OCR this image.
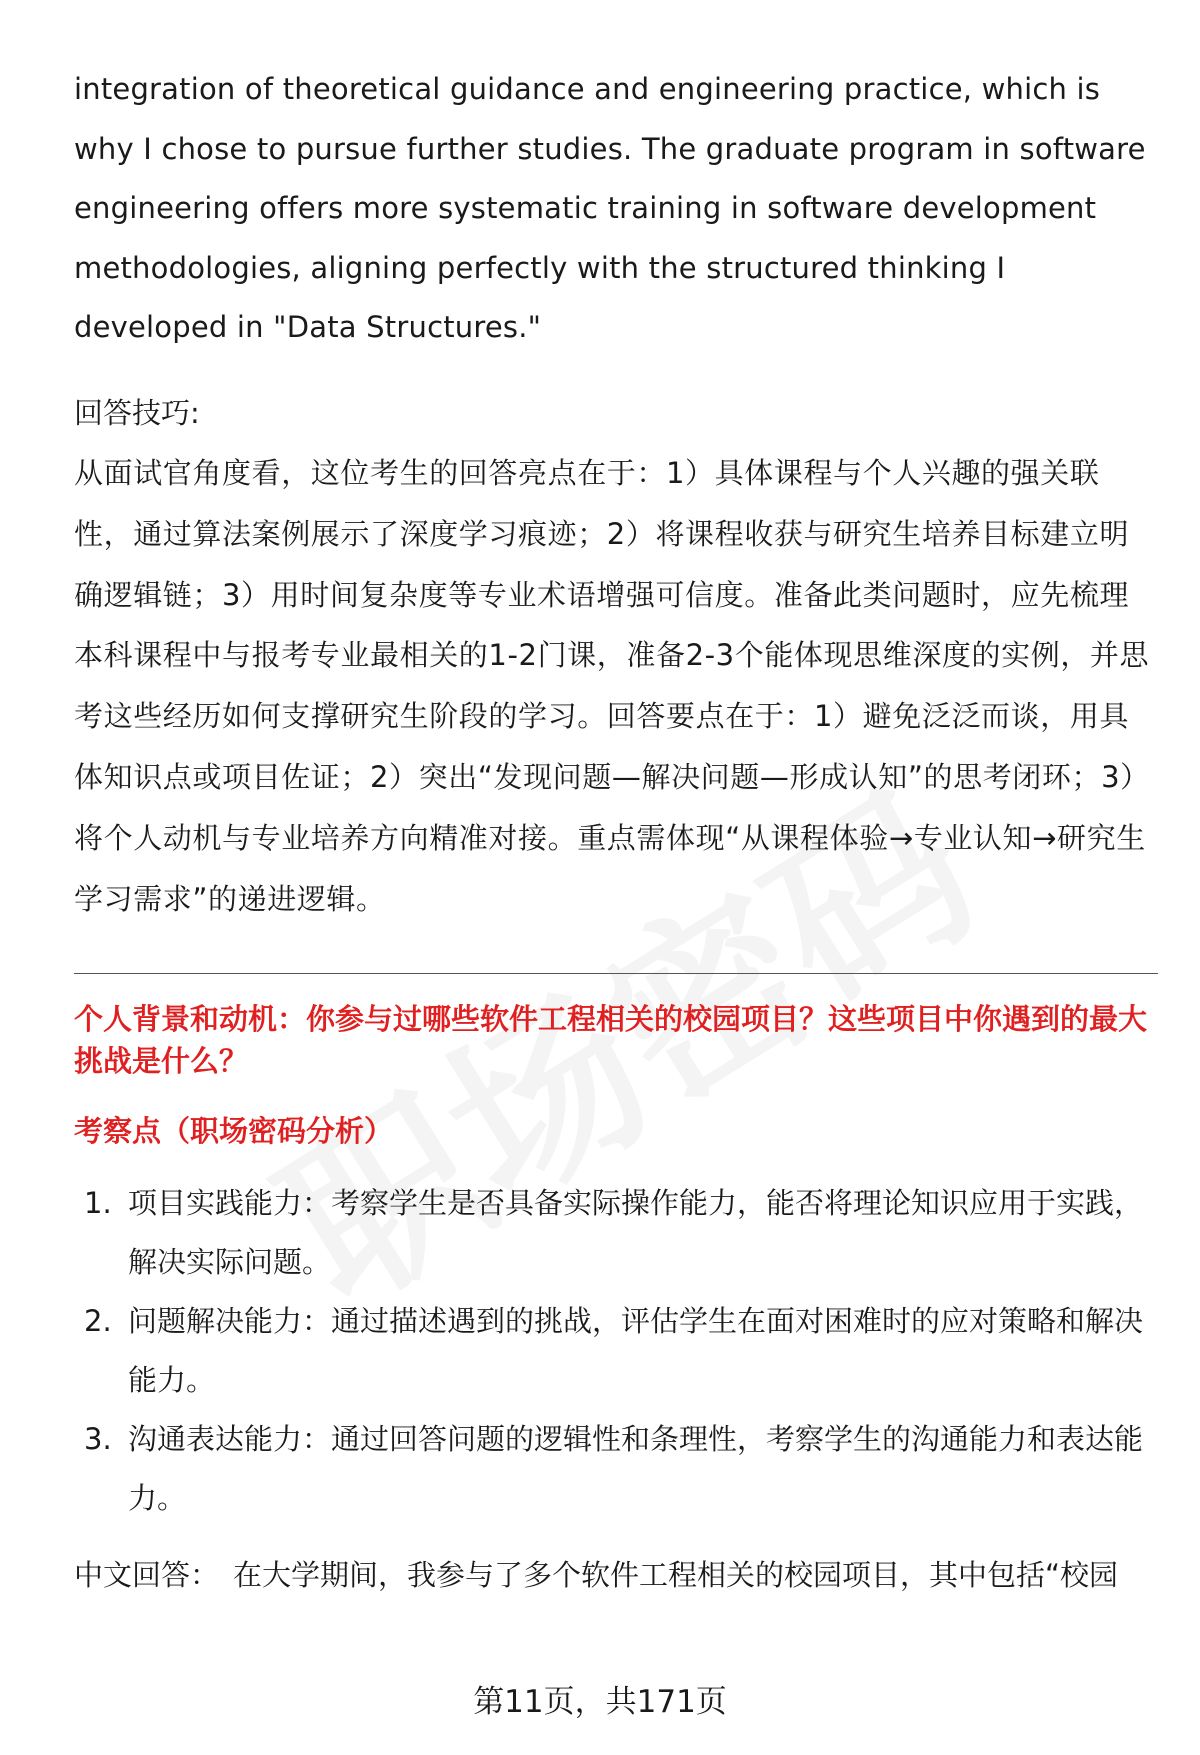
integration of theoretical guidance and engineering practice, which is why I chose to pursue further studies. The graduate program in software engineering offers more systematic training in software development methodologies, aligning perfectly with the structured thinking I developed in "Data Structures."

回答技巧:

从面试官角度看，这位考生的回答亮点在于：1）具体课程与个人兴趣的强关联性，通过算法案例展示了深度学习痕迹；2）将课程收获与研究生培养目标建立明确逻辑链；3）用时间复杂度等专业术语增强可信度。准备此类问题时，应先梳理本科课程中与报考专业最相关的1-2门课，准备2-3个能体现思维深度的实例，并思考这些经历如何支撑研究生阶段的学习。回答要点在于：1）避免泛泛而谈，用具体知识点或项目佐证；2）突出“发现问题—解决问题—形成认知”的思考闭环；3）将个人动机与专业培养方向精准对接。重点需体现“从课程体验→专业认知→研究生学习需求”的递进逻辑。

个人背景和动机：你参与过哪些软件工程相关的校园项目？这些项目中你遇到的最大挑战是什么？

考察点（职场密码分析）

1. 项目实践能力：考察学生是否具备实际操作能力，能否将理论知识应用于实践，解决实际问题。
2. 问题解决能力：通过描述遇到的挑战，评估学生在面对困难时的应对策略和解决能力。
3. 沟通表达能力：通过回答问题的逻辑性和条理性，考察学生的沟通能力和表达能力。

中文回答： 在大学期间，我参与了多个软件工程相关的校园项目，其中包括“校园

第11页，共171页
